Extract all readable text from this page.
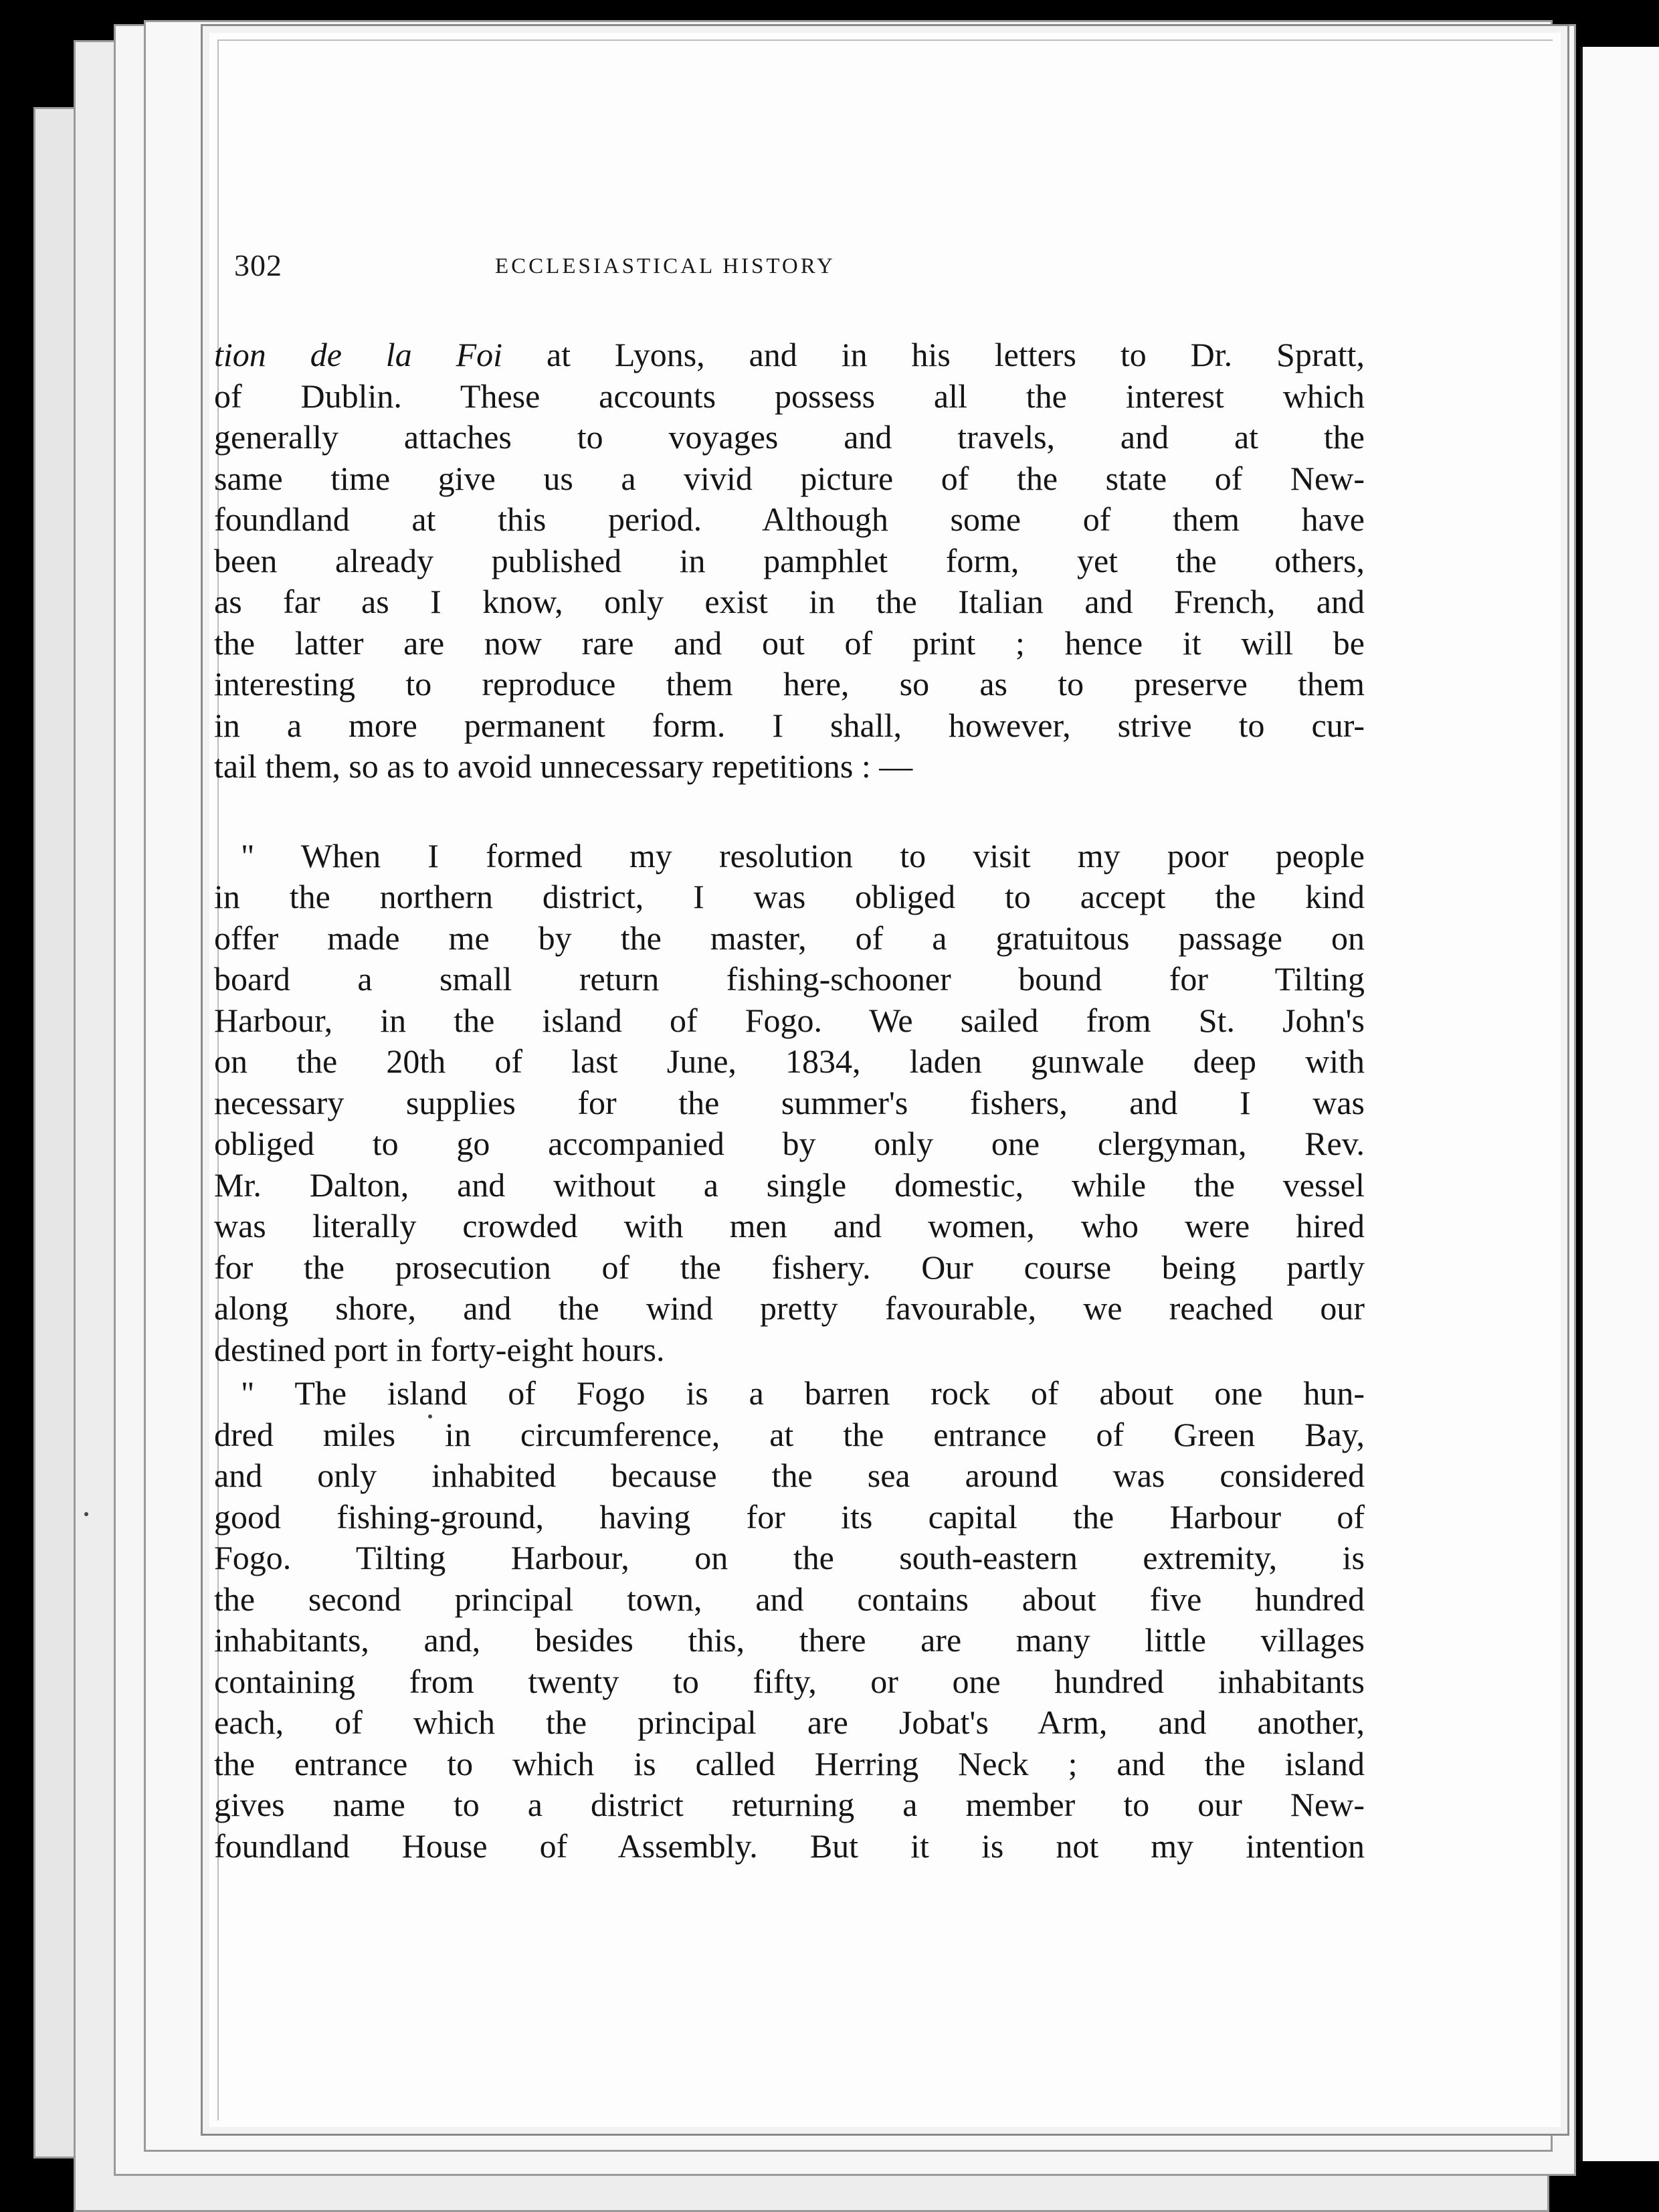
302	ECCLESIASTICAL HISTORY
tion de la Foi at Lyons, and in his letters to Dr. Spratt,
of Dublin. These accounts possess all the interest which
generally attaches to voyages and travels, and at the
same time give us a vivid picture of the state of New-
foundland at this period. Although some of them have
been already published in pamphlet form, yet the others,
as far as I know, only exist in the Italian and French, and
the latter are now rare and out of print ; hence it will be
interesting to reproduce them here, so as to preserve them
in a more permanent form. I shall, however, strive to cur-
tail them, so as to avoid unnecessary repetitions : —
" When I formed my resolution to visit my poor people
in the northern district, I was obliged to accept the kind
offer made me by the master, of a gratuitous passage on
board a small return fishing-schooner bound for Tilting
Harbour, in the island of Fogo. We sailed from St. John's
on the 20th of last June, 1834, laden gunwale deep with
necessary supplies for the summer's fishers, and I was
obliged to go accompanied by only one clergyman, Rev.
Mr. Dalton, and without a single domestic, while the vessel
was literally crowded with men and women, who were hired
for the prosecution of the fishery. Our course being partly
along shore, and the wind pretty favourable, we reached our
destined port in forty-eight hours.
" The island of Fogo is a barren rock of about one hun-
dred miles in circumference, at the entrance of Green Bay,
and only inhabited because the sea around was considered
good fishing-ground, having for its capital the Harbour of
Fogo. Tilting Harbour, on the south-eastern extremity, is
the second principal town, and contains about five hundred
inhabitants, and, besides this, there are many little villages
containing from twenty to fifty, or one hundred inhabitants
each, of which the principal are Jobat's Arm, and another,
the entrance to which is called Herring Neck ; and the island
gives name to a district returning a member to our New-
foundland House of Assembly. But it is not my intention
